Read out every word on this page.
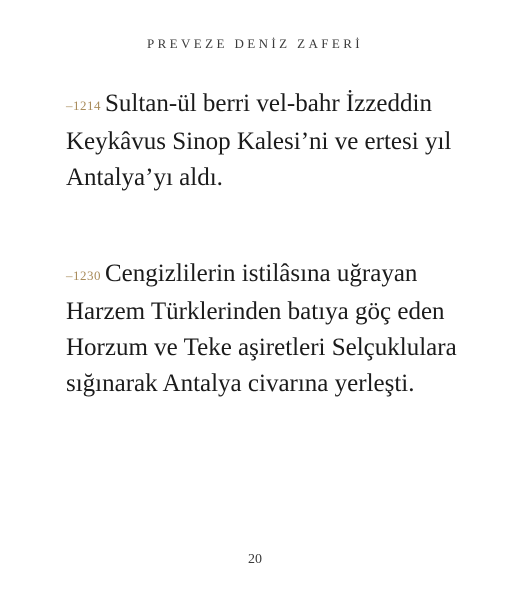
PREVEZE DENİZ ZAFERİ
–1214 Sultan-ül berri vel-bahr İzzeddin Keykâvus Sinop Kalesi’ni ve ertesi yıl Antalya’yı aldı.
–1230 Cengizlilerin istilâsına uğrayan Harzem Türklerinden batıya göç eden Horzum ve Teke aşiretleri Selçuklulara sığınarak Antalya civarına yerleşti.
20
